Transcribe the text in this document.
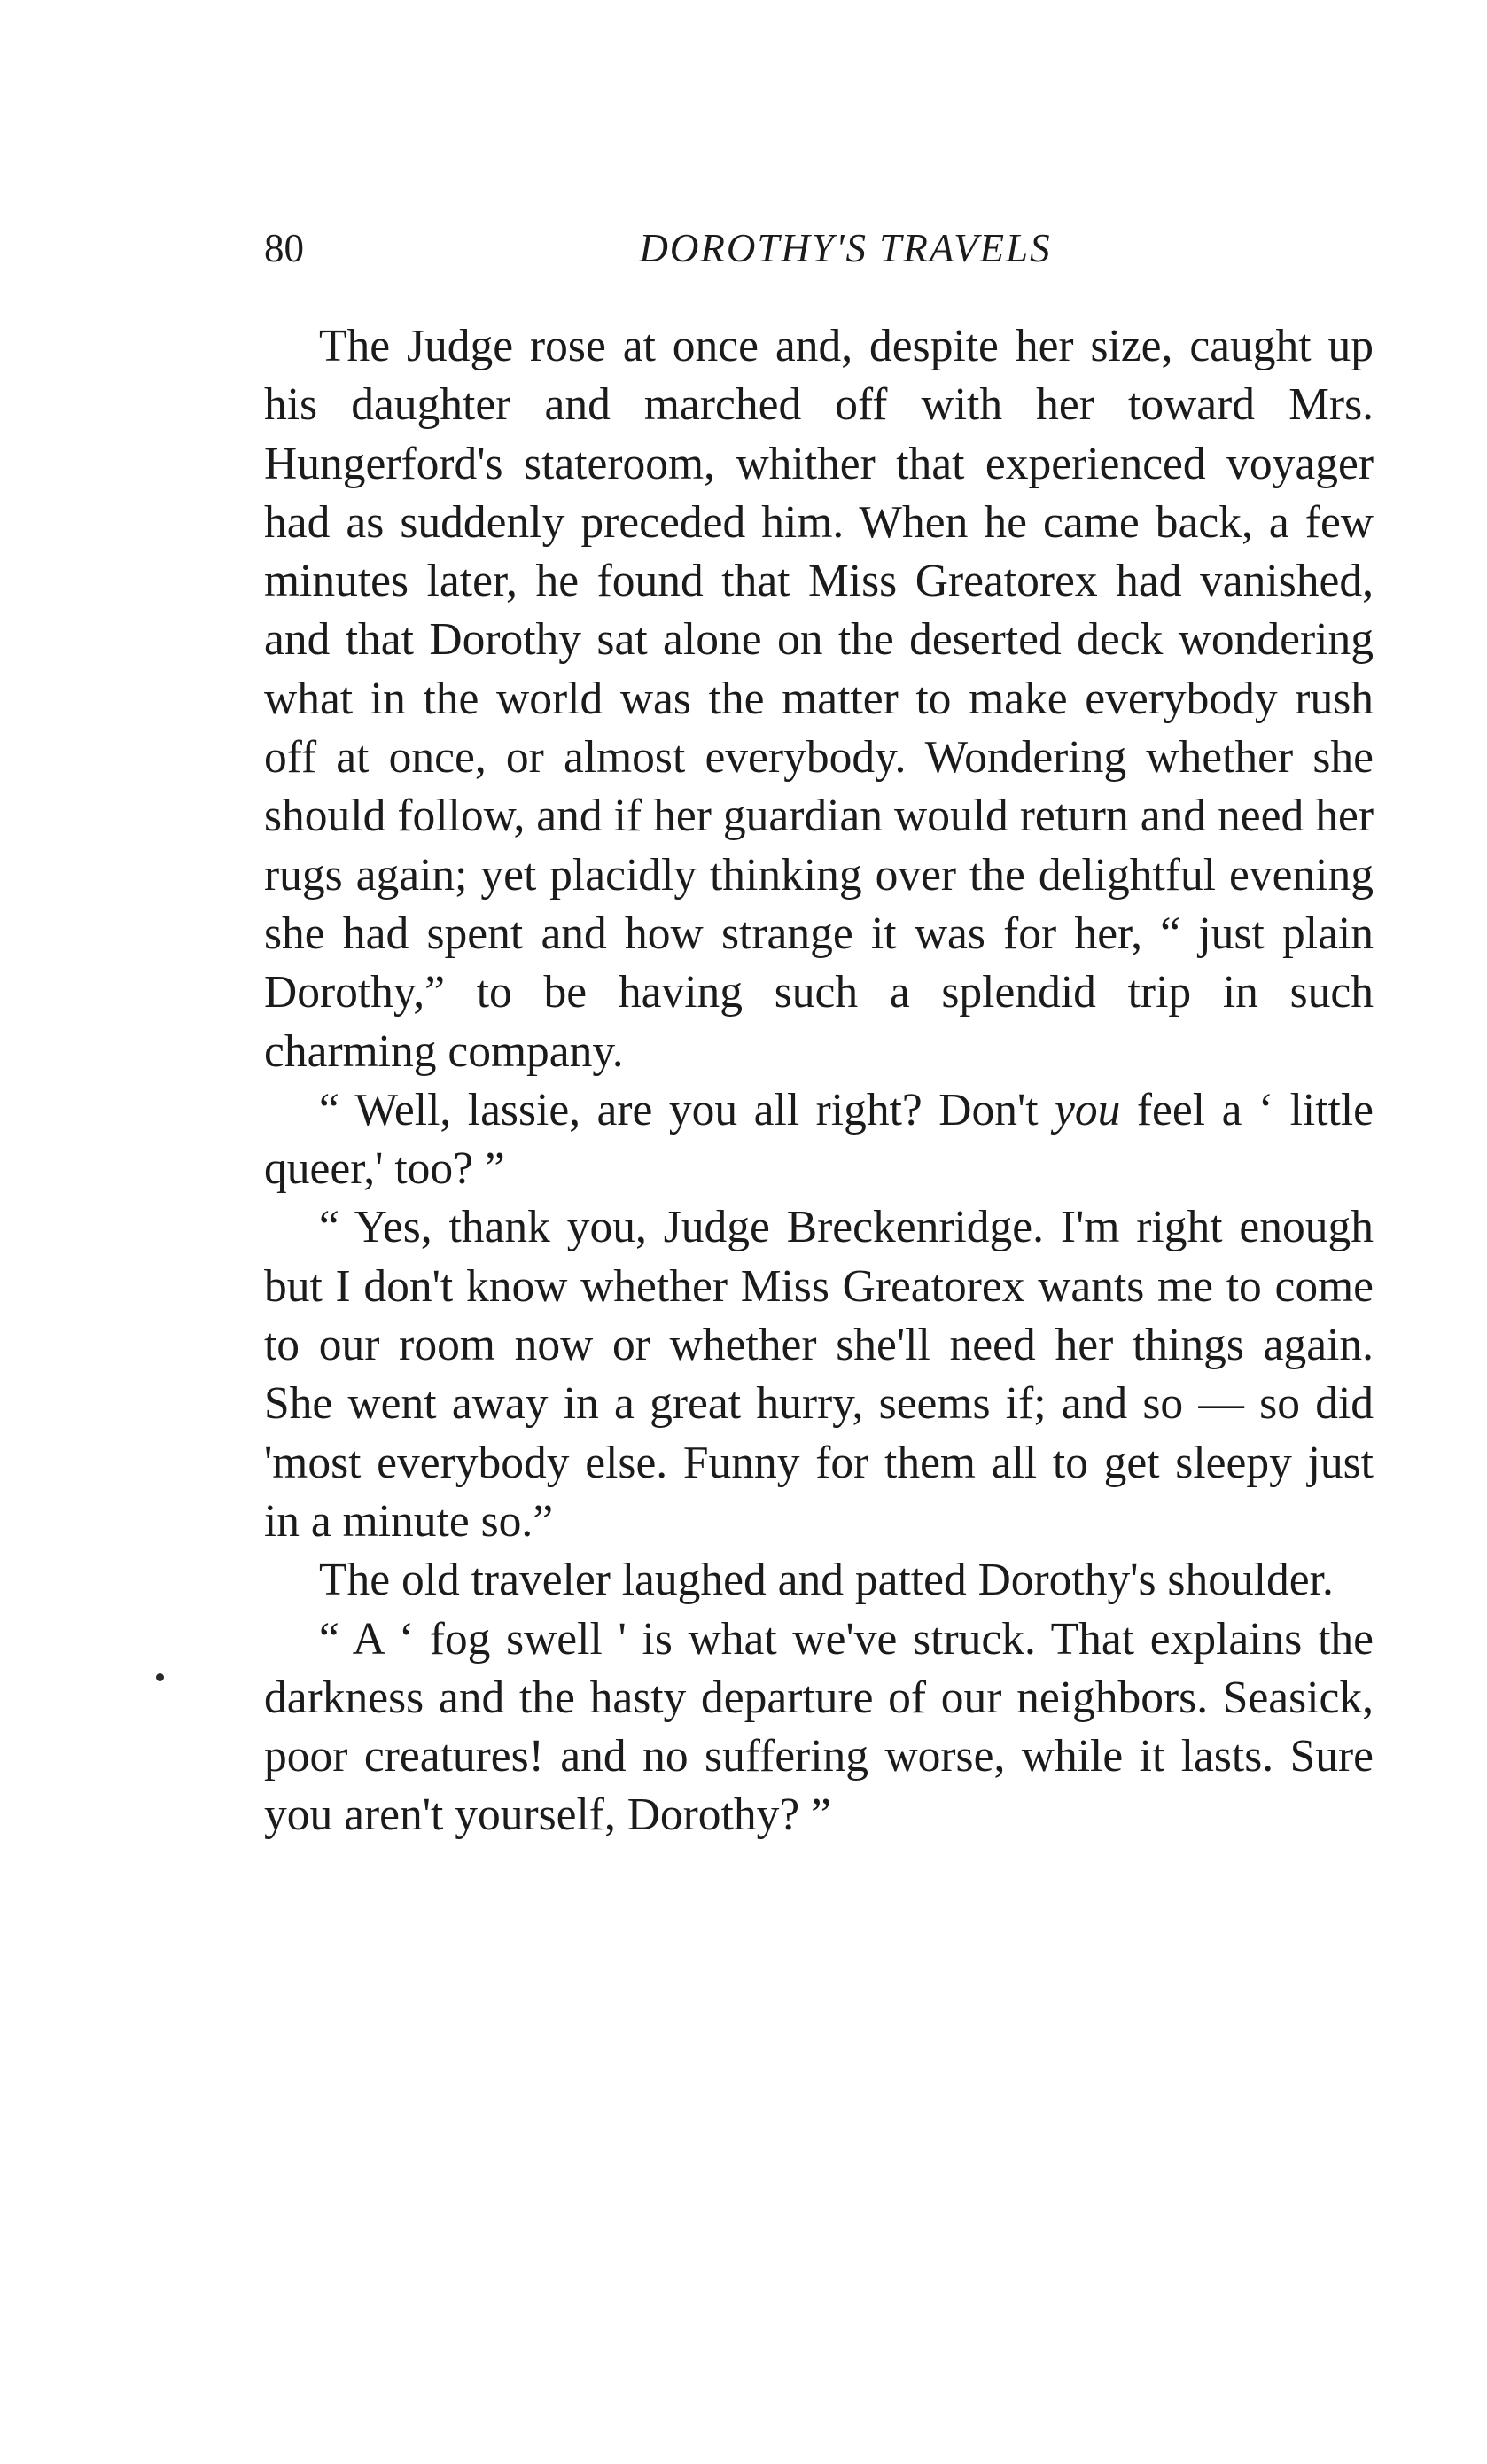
80	DOROTHY'S TRAVELS

The Judge rose at once and, despite her size, caught up his daughter and marched off with her toward Mrs. Hungerford's stateroom, whither that experienced voyager had as suddenly preceded him. When he came back, a few minutes later, he found that Miss Greatorex had vanished, and that Dorothy sat alone on the deserted deck wondering what in the world was the matter to make everybody rush off at once, or almost everybody. Wondering whether she should follow, and if her guardian would return and need her rugs again; yet placidly thinking over the delightful evening she had spent and how strange it was for her, “ just plain Dorothy,” to be having such a splendid trip in such charming company.

“ Well, lassie, are you all right? Don't you feel a ‘ little queer,' too? ”

“ Yes, thank you, Judge Breckenridge. I'm right enough but I don't know whether Miss Greatorex wants me to come to our room now or whether she'll need her things again. She went away in a great hurry, seems if; and so — so did 'most everybody else. Funny for them all to get sleepy just in a minute so.”

The old traveler laughed and patted Dorothy's shoulder.

“ A ‘ fog swell ' is what we've struck. That explains the darkness and the hasty departure of our neighbors. Seasick, poor creatures! and no suffering worse, while it lasts. Sure you aren't yourself, Dorothy? ”
